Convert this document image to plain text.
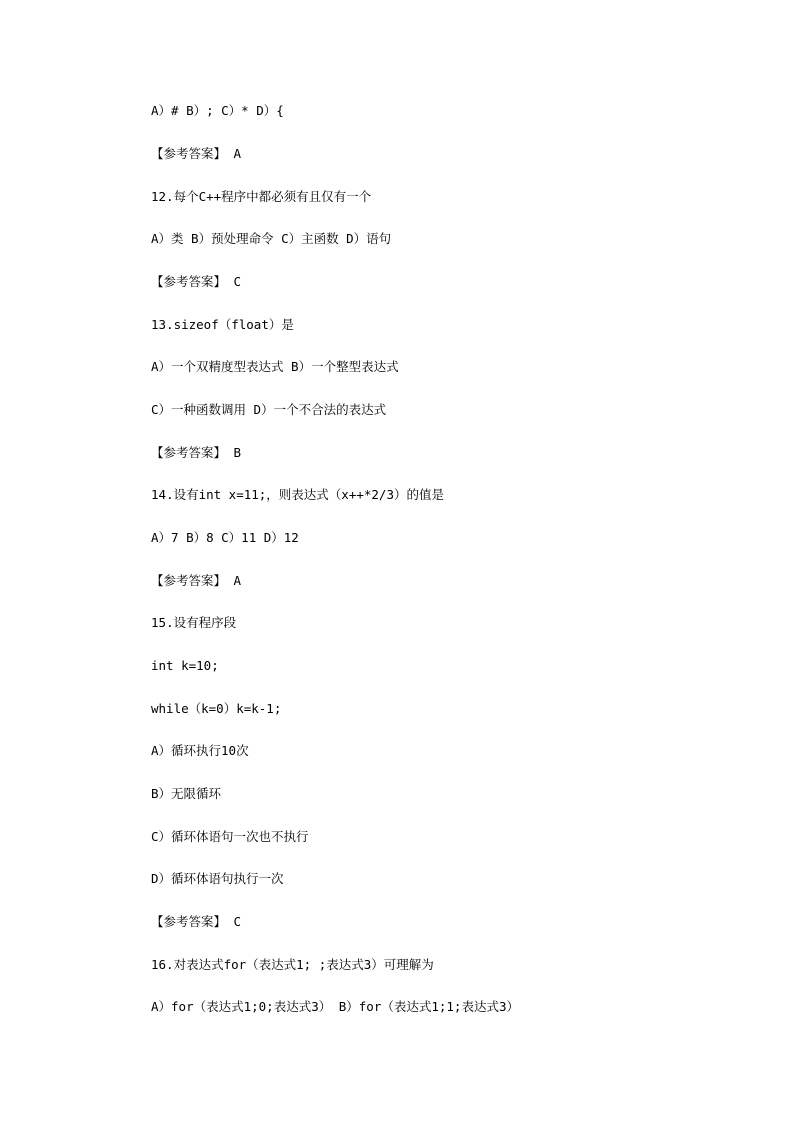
A）# B）; C）* D）{
【参考答案】 A
12.每个C++程序中都必须有且仅有一个
A）类 B）预处理命令 C）主函数 D）语句
【参考答案】 C
13.sizeof（float）是
A）一个双精度型表达式 B）一个整型表达式
C）一种函数调用 D）一个不合法的表达式
【参考答案】 B
14.设有int x=11;，则表达式（x++*2/3）的值是
A）7 B）8 C）11 D）12
【参考答案】 A
15.设有程序段
int k=10;
while（k=0）k=k-1;
A）循环执行10次
B）无限循环
C）循环体语句一次也不执行
D）循环体语句执行一次
【参考答案】 C
16.对表达式for（表达式1; ;表达式3）可理解为
A）for（表达式1;0;表达式3） B）for（表达式1;1;表达式3）
